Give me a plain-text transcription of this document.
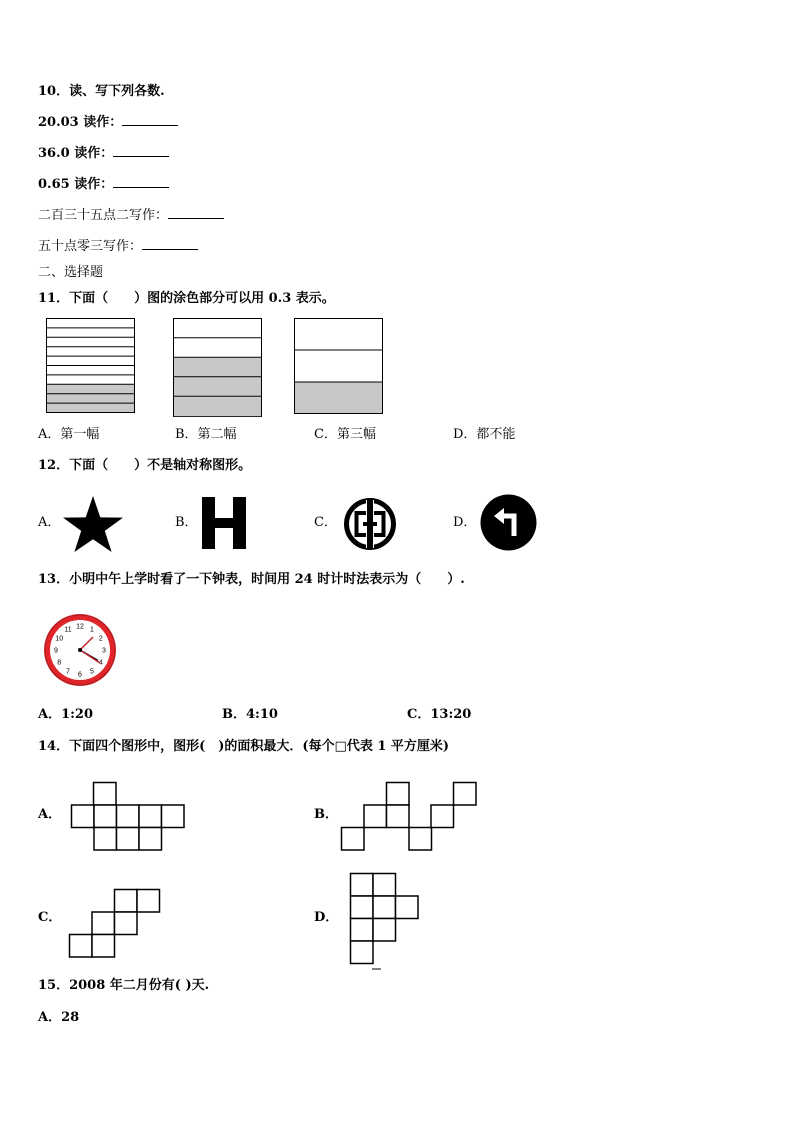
10．读、写下列各数.
20.03 读作：
36.0 读作：
0.65 读作：
二百三十五点二写作：
五十点零三写作：
二、选择题
11．下面（　　）图的涂色部分可以用 0.3 表示。
A．第一幅	B．第二幅	C．第三幅	D．都不能
12．下面（　　）不是轴对称图形。
A．	B．	C．	D．
13．小明中午上学时看了一下钟表，时间用 24 时计时法表示为（　　）.
12 1
2
3
4
5
6
7
8
9
10
11
A．1:20	B．4:10	C．13:20
14．下面四个图形中，图形(　)的面积最大．(每个□代表 1 平方厘米)
A．	B．
C．	D．
15．2008 年二月份有( )天.
A．28
